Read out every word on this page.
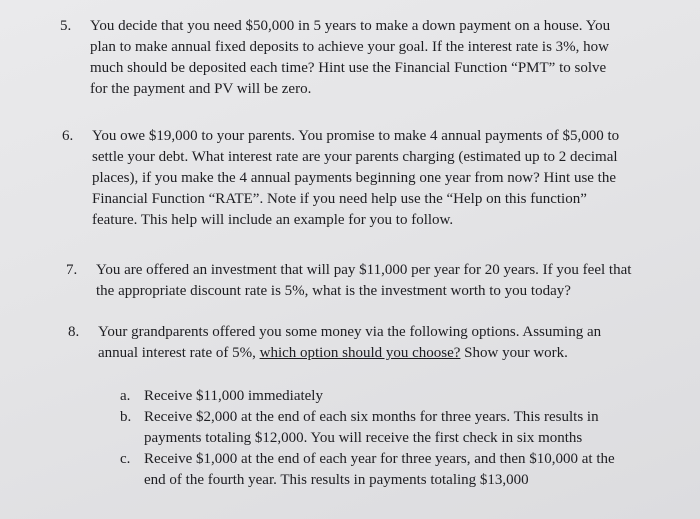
5.	You decide that you need $50,000 in 5 years to make a down payment on a house. You
plan to make annual fixed deposits to achieve your goal. If the interest rate is 3%, how
much should be deposited each time? Hint use the Financial Function “PMT” to solve
for the payment and PV will be zero.
6.	You owe $19,000 to your parents. You promise to make 4 annual payments of $5,000 to
settle your debt. What interest rate are your parents charging (estimated up to 2 decimal
places), if you make the 4 annual payments beginning one year from now? Hint use the
Financial Function “RATE”. Note if you need help use the “Help on this function”
feature. This help will include an example for you to follow.
7.	You are offered an investment that will pay $11,000 per year for 20 years. If you feel that
the appropriate discount rate is 5%, what is the investment worth to you today?
8.	Your grandparents offered you some money via the following options. Assuming an
annual interest rate of 5%, which option should you choose? Show your work.
a. Receive $11,000 immediately
b. Receive $2,000 at the end of each six months for three years. This results in
payments totaling $12,000. You will receive the first check in six months
c. Receive $1,000 at the end of each year for three years, and then $10,000 at the
end of the fourth year. This results in payments totaling $13,000
